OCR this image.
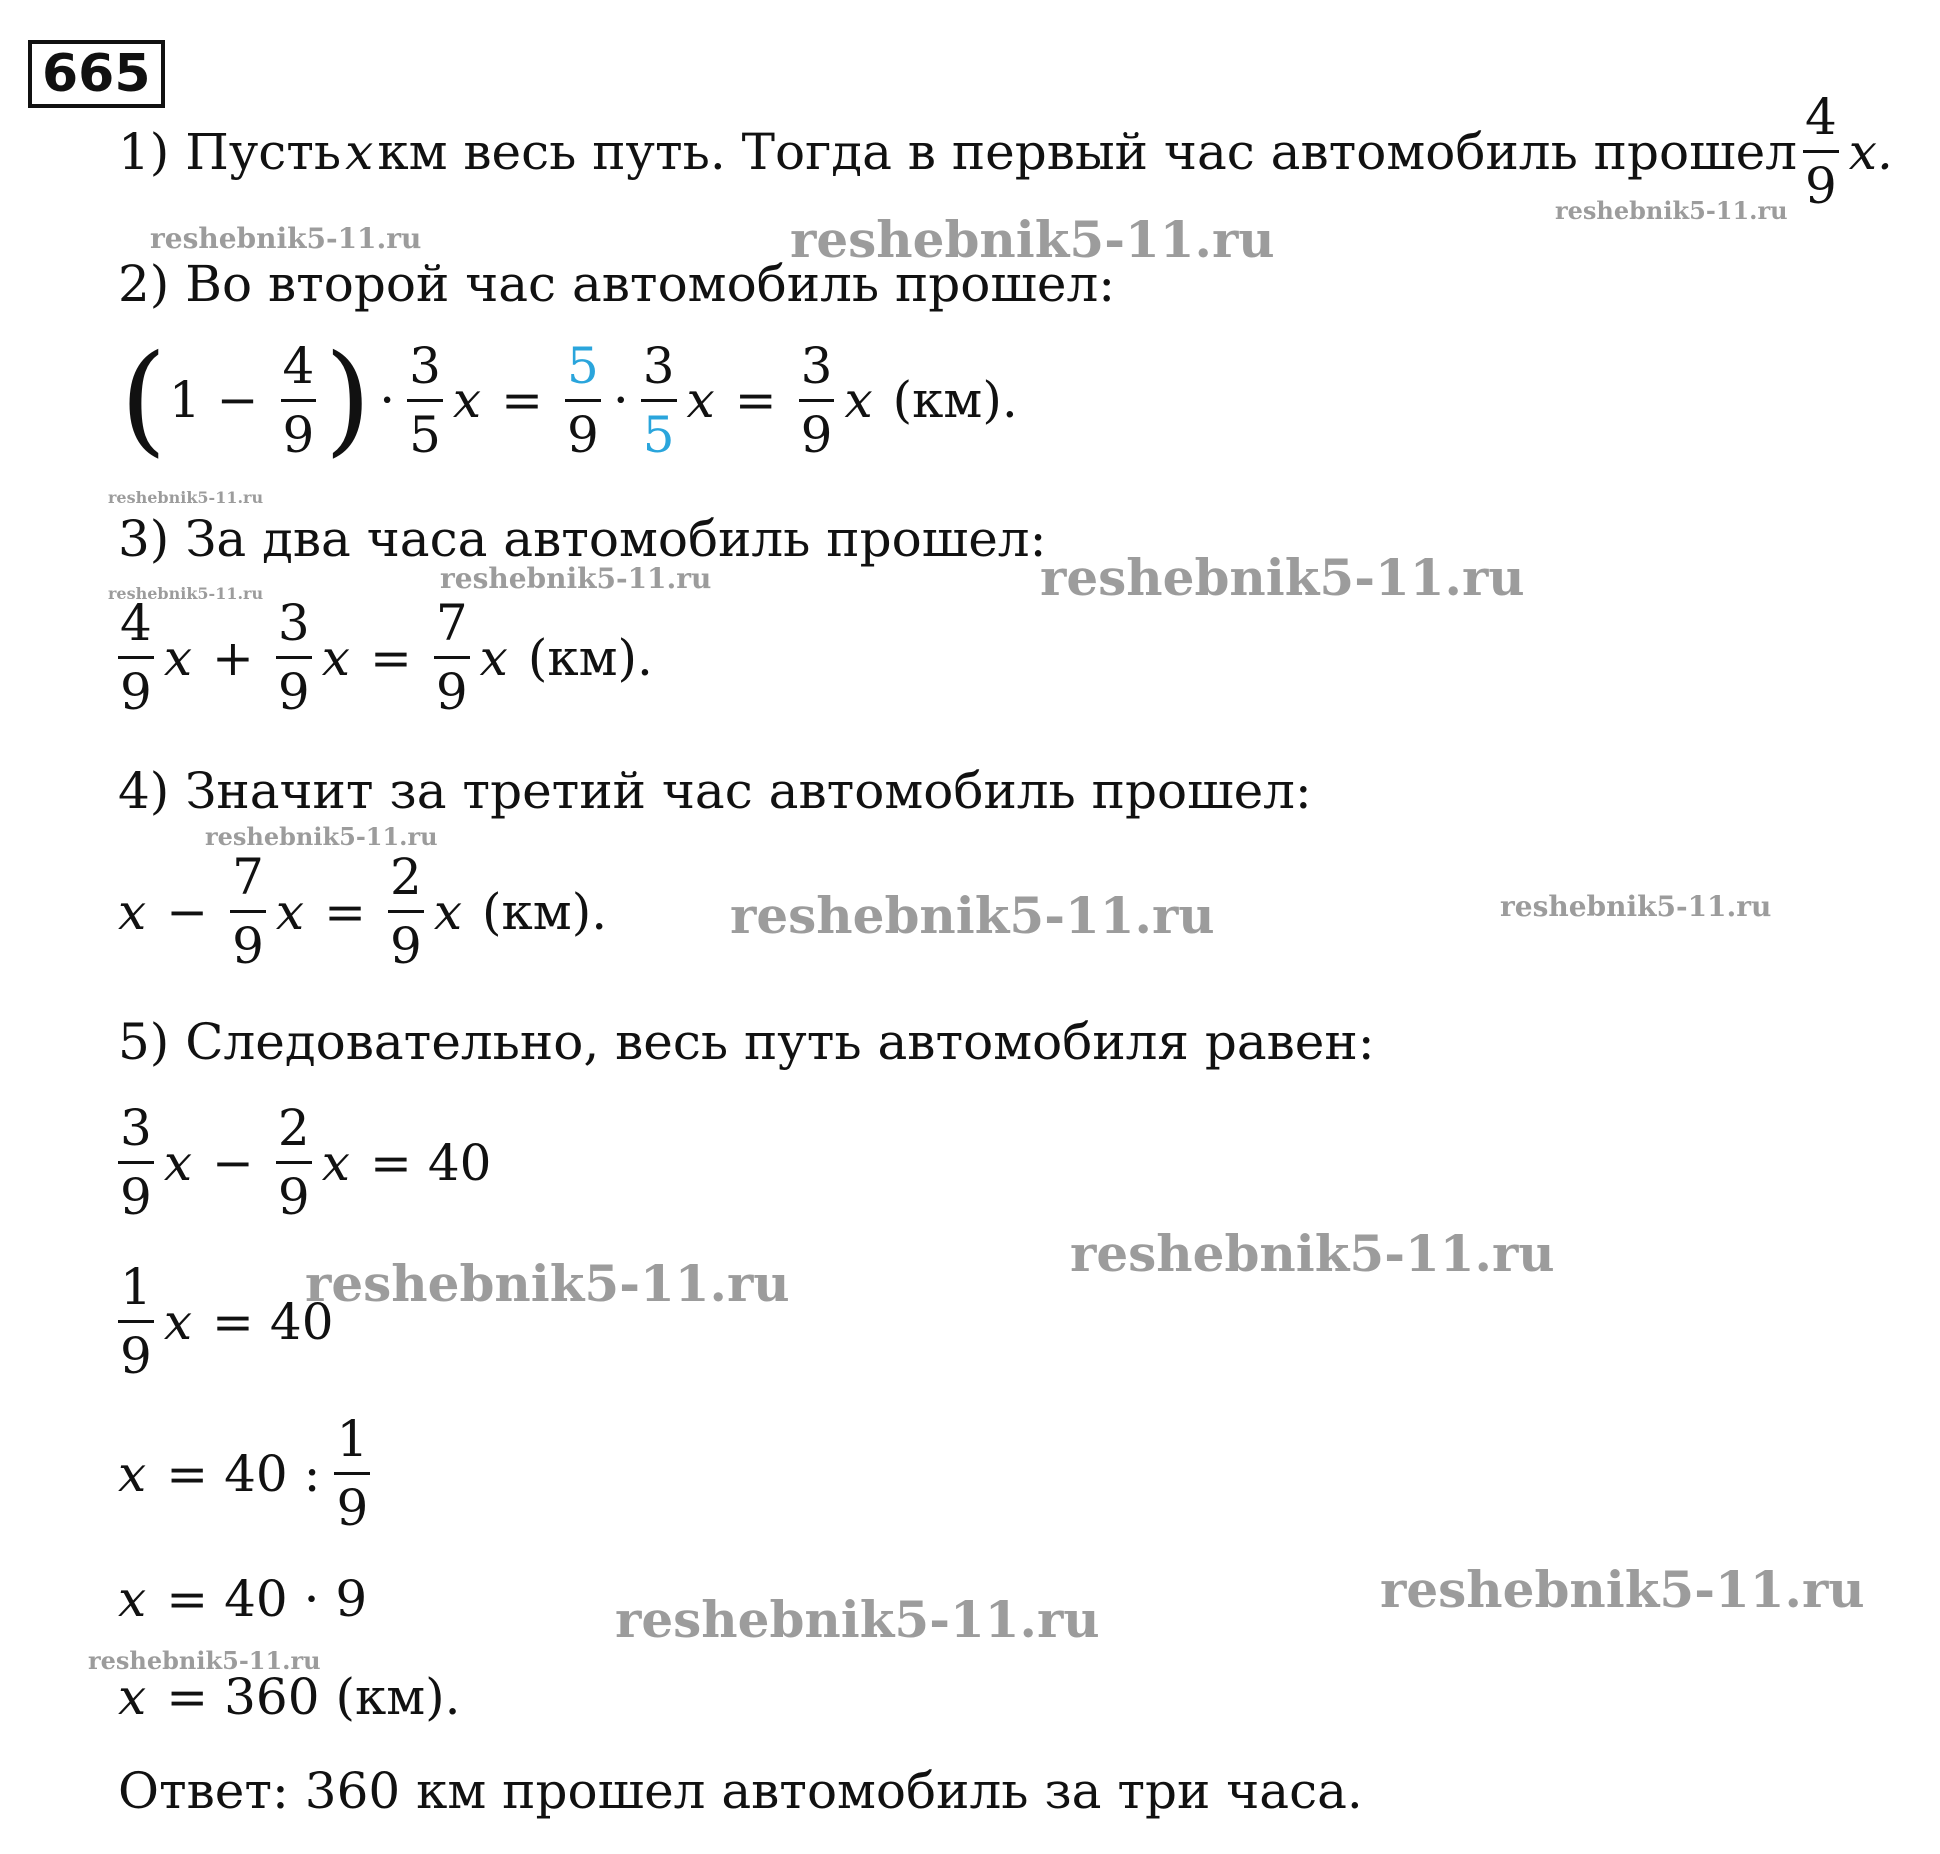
665
1) Пусть x км весь путь. Тогда в первый час автомобиль прошел $\frac{4}{9} x$.
2) Во второй час автомобиль прошел:
( $1 - \frac{4}{9}$ ) · $\frac{3}{5}$ $x = \frac{5}{9} \cdot \frac{3}{5}$ $x = \frac{3}{9}$ x (км).
3) За два часа автомобиль прошел:
$\frac{4}{9}$ $x + \frac{3}{9}$ $x = \frac{7}{9}$ x (км).
4) Значит за третий час автомобиль прошел:
$x - \frac{7}{9}$ $x = \frac{2}{9}$ x (км).
5) Следовательно, весь путь автомобиля равен:
$\frac{3}{9}$ $x - \frac{2}{9}$ x = 40
$\frac{1}{9}$ x = 40
x = 40 : $\frac{1}{9}$
x = 40 · 9
x = 360 (км).
Ответ: 360 км прошел автомобиль за три часа.
reshebnik5-11.ru	reshebnik5-11.ru	reshebnik5-11.ru
reshebnik5-11.ru
reshebnik5-11.ru	reshebnik5-11.ru	reshebnik5-11.ru
reshebnik5-11.ru
reshebnik5-11.ru	reshebnik5-11.ru
reshebnik5-11.ru
reshebnik5-11.ru
reshebnik5-11.ru
reshebnik5-11.ru
reshebnik5-11.ru
